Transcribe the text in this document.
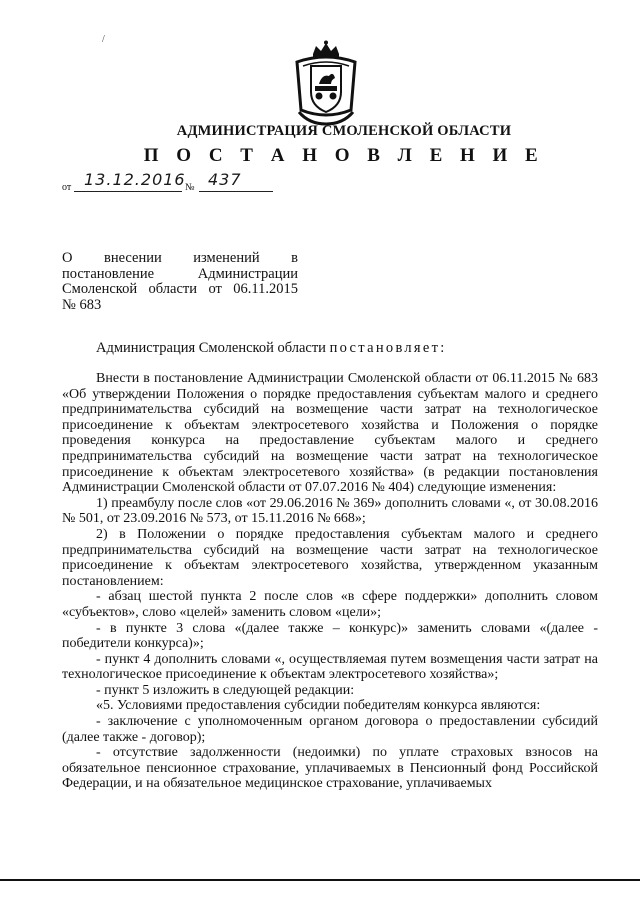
/
АДМИНИСТРАЦИЯ СМОЛЕНСКОЙ ОБЛАСТИ
П О С Т А Н О В Л Е Н И Е
от 13.12.2016 № 437
О внесении изменений в
постановление Администрации
Смоленской области от 06.11.2015
№ 683
Администрация Смоленской области постановляет:

Внести в постановление Администрации Смоленской области от 06.11.2015 № 683 «Об утверждении Положения о порядке предоставления субъектам малого и среднего предпринимательства субсидий на возмещение части затрат на технологическое присоединение к объектам электросетевого хозяйства и Положения о порядке проведения конкурса на предоставление субъектам малого и среднего предпринимательства субсидий на возмещение части затрат на технологическое присоединение к объектам электросетевого хозяйства» (в редакции постановления Администрации Смоленской области от 07.07.2016 № 404) следующие изменения:

1) преамбулу после слов «от 29.06.2016 № 369» дополнить словами «, от 30.08.2016 № 501, от 23.09.2016 № 573, от 15.11.2016 № 668»;

2) в Положении о порядке предоставления субъектам малого и среднего предпринимательства субсидий на возмещение части затрат на технологическое присоединение к объектам электросетевого хозяйства, утвержденном указанным постановлением:

- абзац шестой пункта 2 после слов «в сфере поддержки» дополнить словом «субъектов», слово «целей» заменить словом «цели»;

- в пункте 3 слова «(далее также – конкурс)» заменить словами «(далее - победители конкурса)»;

- пункт 4 дополнить словами «, осуществляемая путем возмещения части затрат на технологическое присоединение к объектам электросетевого хозяйства»;

- пункт 5 изложить в следующей редакции:

«5. Условиями предоставления субсидии победителям конкурса являются:

- заключение с уполномоченным органом договора о предоставлении субсидий (далее также - договор);

- отсутствие задолженности (недоимки) по уплате страховых взносов на обязательное пенсионное страхование, уплачиваемых в Пенсионный фонд Российской Федерации, и на обязательное медицинское страхование, уплачиваемых
